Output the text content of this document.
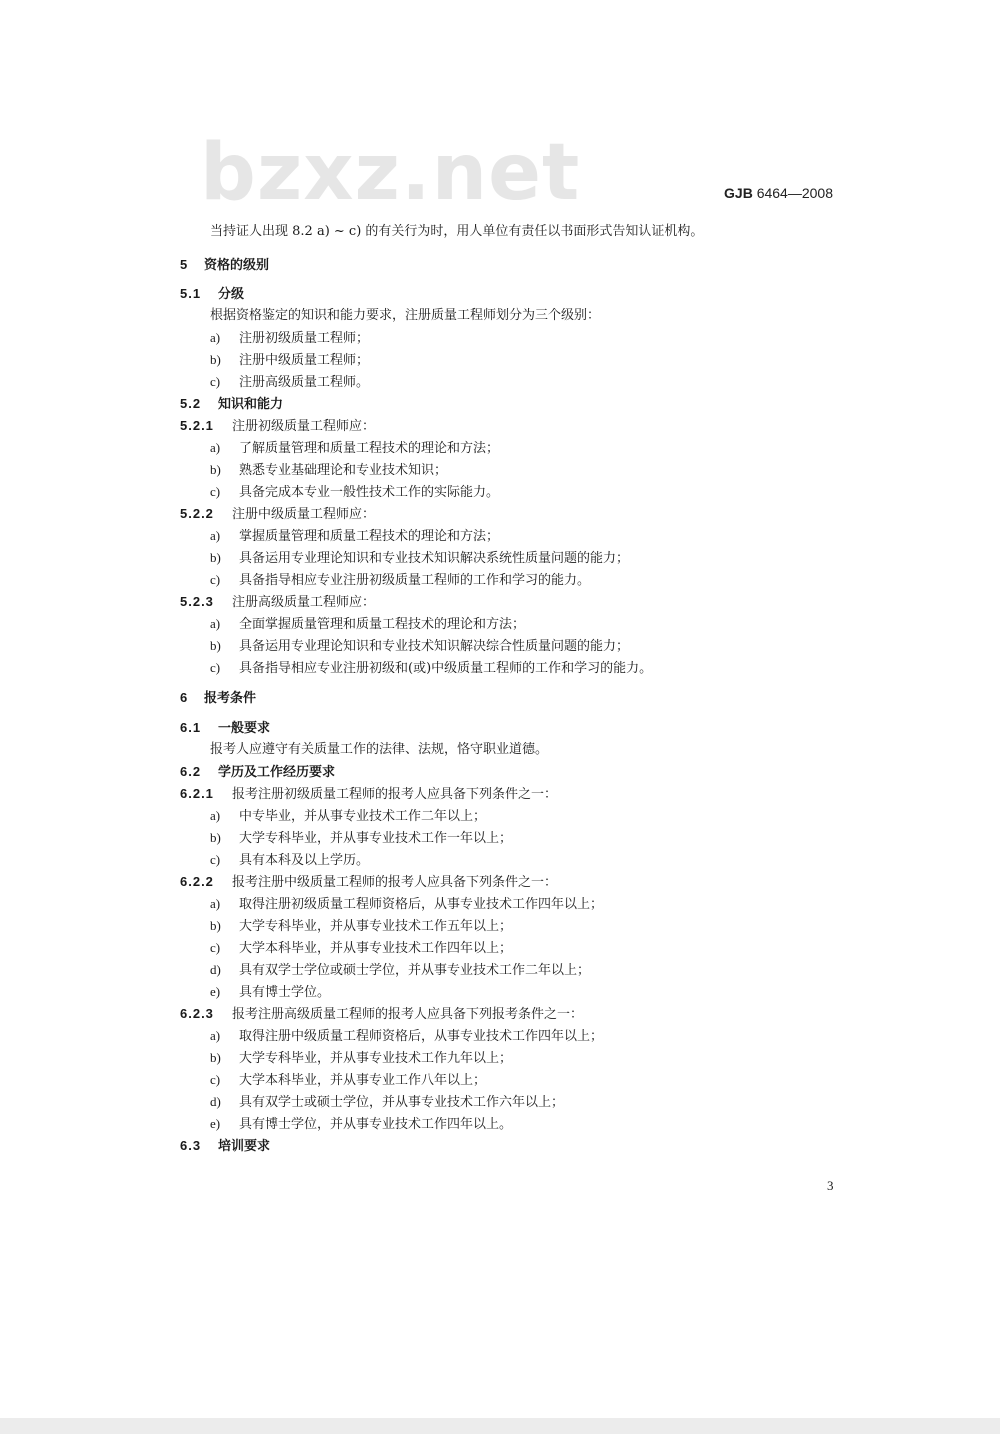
bzxz.net	GJB 6464—2008
当持证人出现 8.2 a) ~ c) 的有关行为时，用人单位有责任以书面形式告知认证机构。
5 资格的级别
5.1 分级
根据资格鉴定的知识和能力要求，注册质量工程师划分为三个级别：
a) 注册初级质量工程师；
b) 注册中级质量工程师；
c) 注册高级质量工程师。
5.2 知识和能力
5.2.1 注册初级质量工程师应：
a) 了解质量管理和质量工程技术的理论和方法；
b) 熟悉专业基础理论和专业技术知识；
c) 具备完成本专业一般性技术工作的实际能力。
5.2.2 注册中级质量工程师应：
a) 掌握质量管理和质量工程技术的理论和方法；
b) 具备运用专业理论知识和专业技术知识解决系统性质量问题的能力；
c) 具备指导相应专业注册初级质量工程师的工作和学习的能力。
5.2.3 注册高级质量工程师应：
a) 全面掌握质量管理和质量工程技术的理论和方法；
b) 具备运用专业理论知识和专业技术知识解决综合性质量问题的能力；
c) 具备指导相应专业注册初级和(或)中级质量工程师的工作和学习的能力。
6 报考条件
6.1 一般要求
报考人应遵守有关质量工作的法律、法规，恪守职业道德。
6.2 学历及工作经历要求
6.2.1 报考注册初级质量工程师的报考人应具备下列条件之一：
a) 中专毕业，并从事专业技术工作二年以上；
b) 大学专科毕业，并从事专业技术工作一年以上；
c) 具有本科及以上学历。
6.2.2 报考注册中级质量工程师的报考人应具备下列条件之一：
a) 取得注册初级质量工程师资格后，从事专业技术工作四年以上；
b) 大学专科毕业，并从事专业技术工作五年以上；
c) 大学本科毕业，并从事专业技术工作四年以上；
d) 具有双学士学位或硕士学位，并从事专业技术工作二年以上；
e) 具有博士学位。
6.2.3 报考注册高级质量工程师的报考人应具备下列报考条件之一：
a) 取得注册中级质量工程师资格后，从事专业技术工作四年以上；
b) 大学专科毕业，并从事专业技术工作九年以上；
c) 大学本科毕业，并从事专业工作八年以上；
d) 具有双学士或硕士学位，并从事专业技术工作六年以上；
e) 具有博士学位，并从事专业技术工作四年以上。
6.3 培训要求
3
